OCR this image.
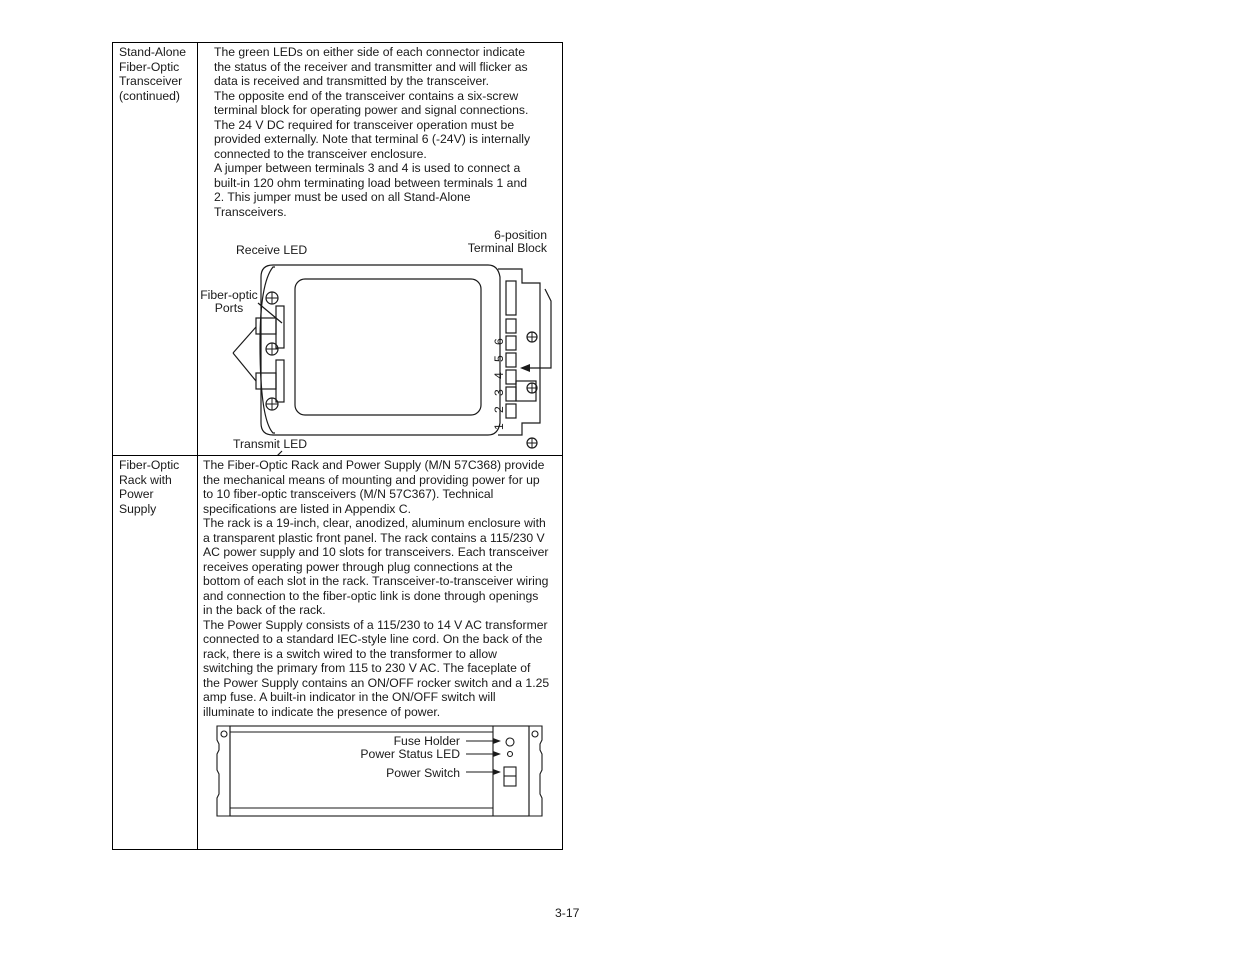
Stand-Alone
Fiber-Optic
Transceiver
(continued)
The green LEDs on either side of each connector indicate
the status of the receiver and transmitter and will flicker as
data is received and transmitted by the transceiver.
The opposite end of the transceiver contains a six-screw
terminal block for operating power and signal connections.
The 24 V DC required for transceiver operation must be
provided externally. Note that terminal 6 (-24V) is internally
connected to the transceiver enclosure.
A jumper between terminals 3 and 4 is used to connect a
built-in 120 ohm terminating load between terminals 1 and
2. This jumper must be used on all Stand-Alone
Transceivers.
6
5
4
3
2
1
Receive LED
6-position
Terminal Block
Fiber-optic
Ports
Transmit LED
Fiber-Optic
Rack with
Power
Supply
The Fiber-Optic Rack and Power Supply (M/N 57C368) provide
the mechanical means of mounting and providing power for up
to 10 fiber-optic transceivers (M/N 57C367). Technical
specifications are listed in Appendix C.
The rack is a 19-inch, clear, anodized, aluminum enclosure with
a transparent plastic front panel. The rack contains a 115/230 V
AC power supply and 10 slots for transceivers. Each transceiver
receives operating power through plug connections at the
bottom of each slot in the rack. Transceiver-to-transceiver wiring
and connection to the fiber-optic link is done through openings
in the back of the rack.
The Power Supply consists of a 115/230 to 14 V AC transformer
connected to a standard IEC-style line cord. On the back of the
rack, there is a switch wired to the transformer to allow
switching the primary from 115 to 230 V AC. The faceplate of
the Power Supply contains an ON/OFF rocker switch and a 1.25
amp fuse. A built-in indicator in the ON/OFF switch will
illuminate to indicate the presence of power.
Fuse Holder
Power Status LED
Power Switch
3-17
